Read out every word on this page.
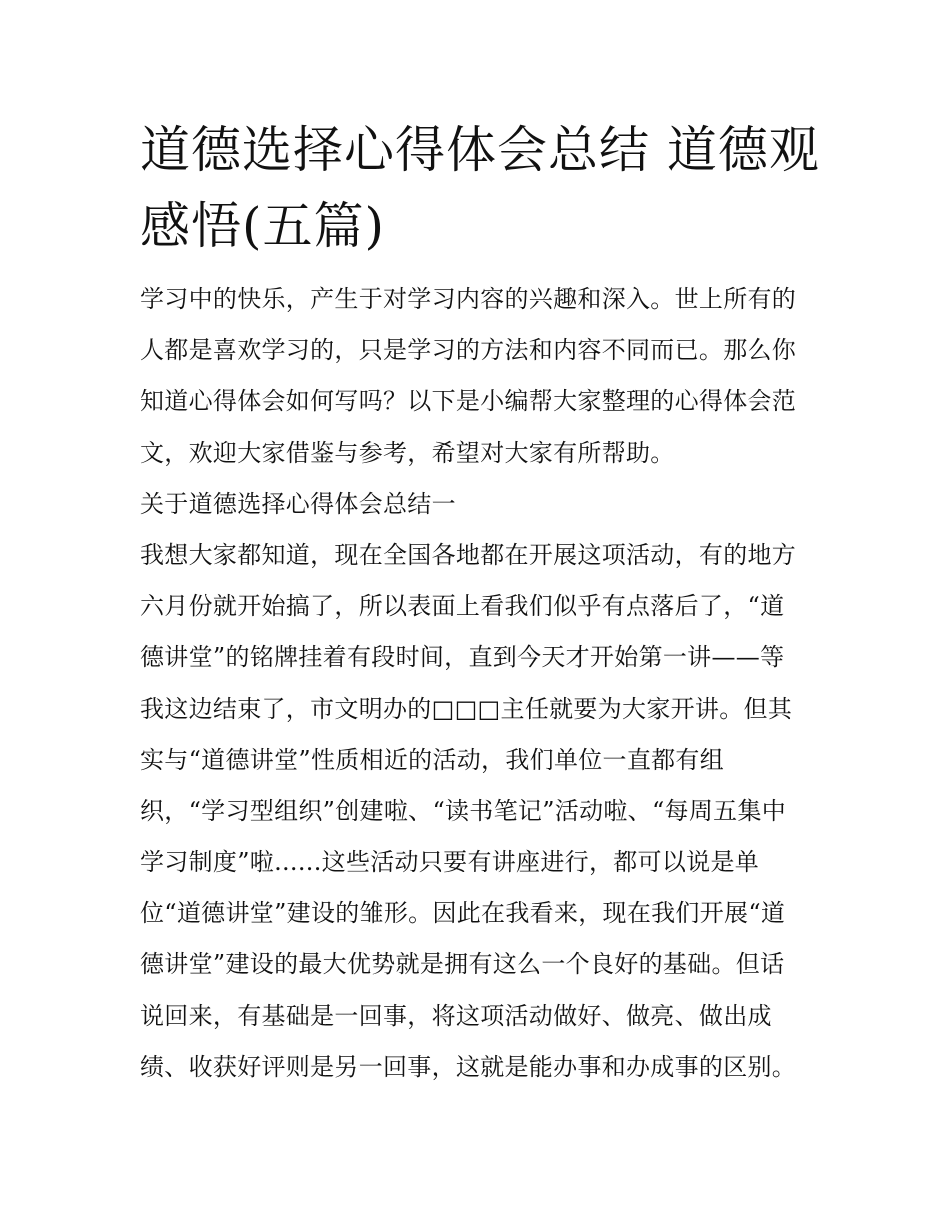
道德选择心得体会总结 道德观
感悟(五篇)
学习中的快乐，产生于对学习内容的兴趣和深入。世上所有的
人都是喜欢学习的，只是学习的方法和内容不同而已。那么你
知道心得体会如何写吗？以下是小编帮大家整理的心得体会范
文，欢迎大家借鉴与参考，希望对大家有所帮助。
关于道德选择心得体会总结一
我想大家都知道，现在全国各地都在开展这项活动，有的地方
六月份就开始搞了，所以表面上看我们似乎有点落后了，“道
德讲堂”的铭牌挂着有段时间，直到今天才开始第一讲——等
我这边结束了，市文明办的□□□主任就要为大家开讲。但其
实与“道德讲堂”性质相近的活动，我们单位一直都有组
织，“学习型组织”创建啦、“读书笔记”活动啦、“每周五集中
学习制度”啦......这些活动只要有讲座进行，都可以说是单
位“道德讲堂”建设的雏形。因此在我看来，现在我们开展“道
德讲堂”建设的最大优势就是拥有这么一个良好的基础。但话
说回来，有基础是一回事，将这项活动做好、做亮、做出成
绩、收获好评则是另一回事，这就是能办事和办成事的区别。
